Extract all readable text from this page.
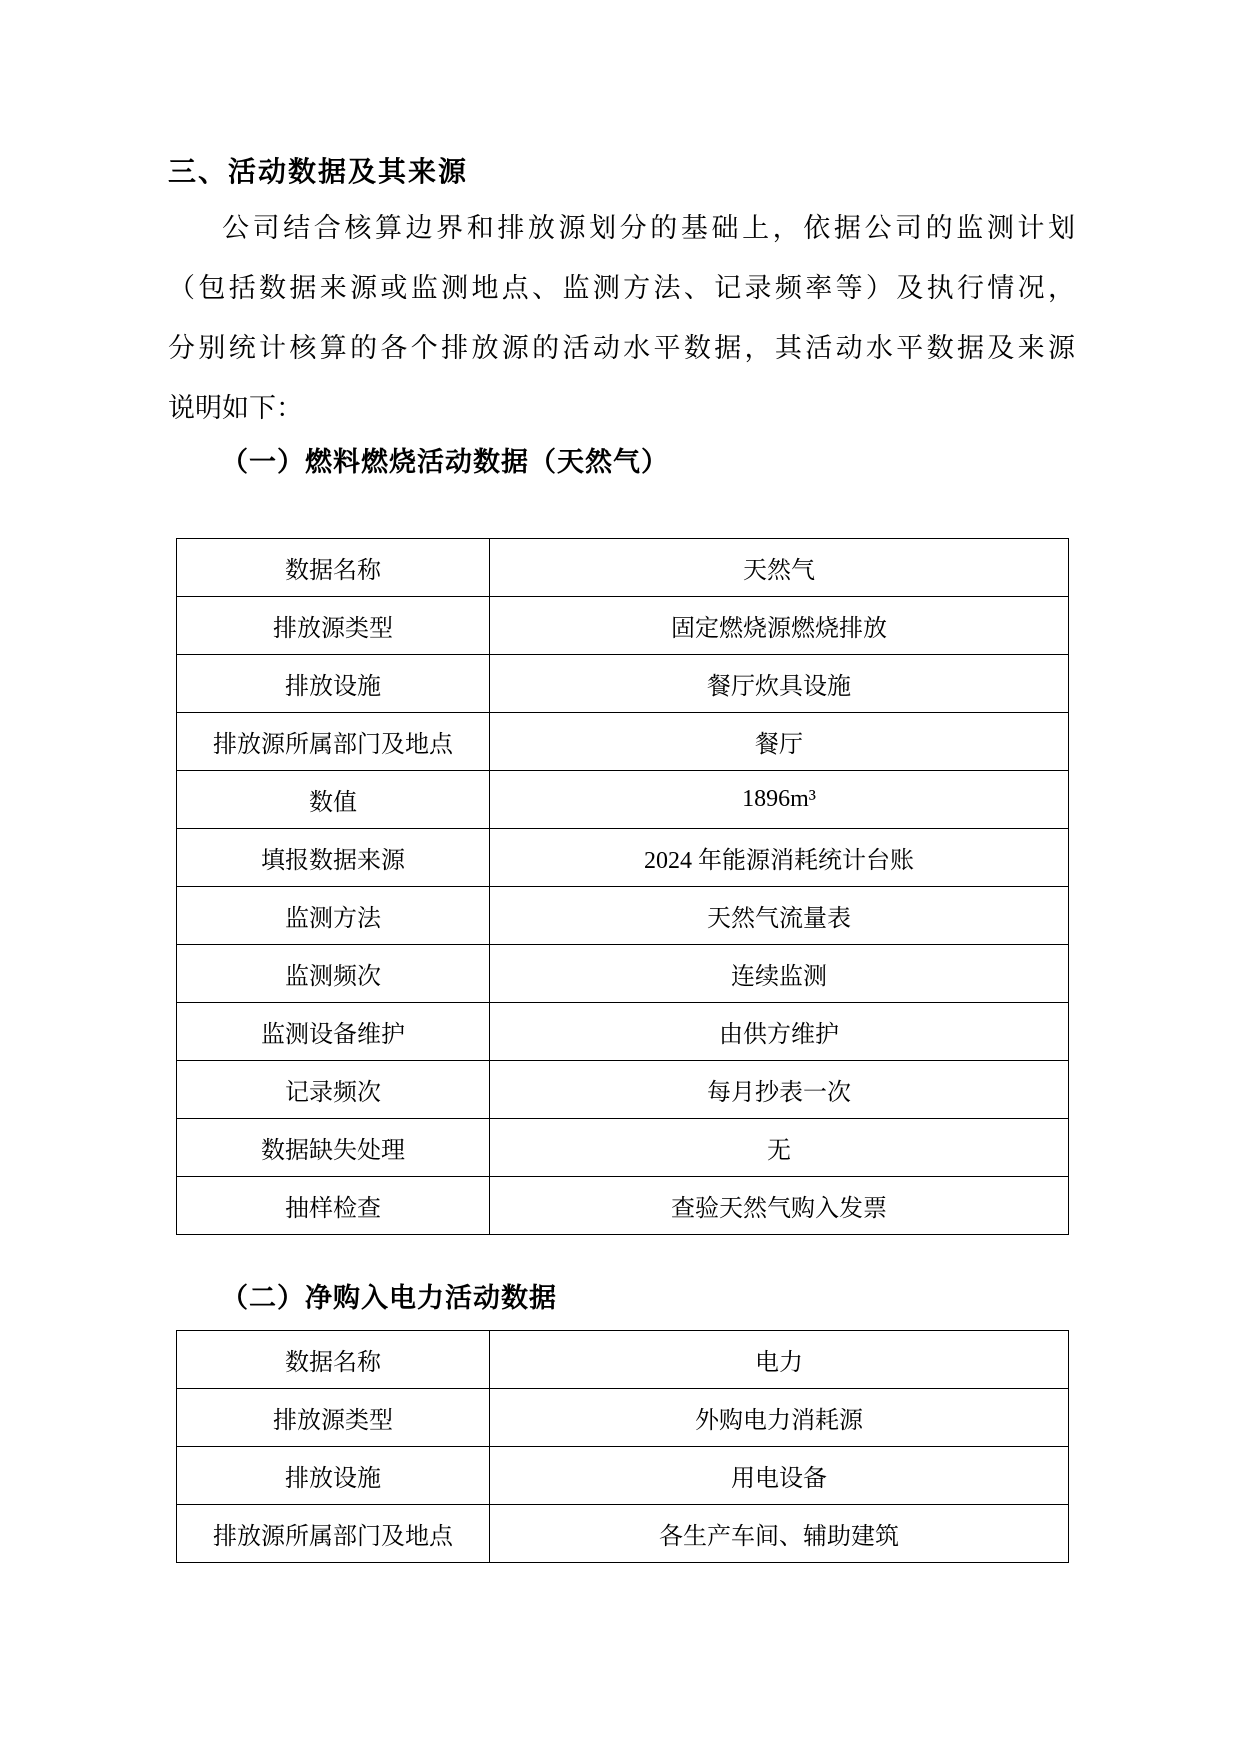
三、活动数据及其来源
公司结合核算边界和排放源划分的基础上，依据公司的监测计划
（包括数据来源或监测地点、监测方法、记录频率等）及执行情况，
分别统计核算的各个排放源的活动水平数据，其活动水平数据及来源
说明如下：
（一）燃料燃烧活动数据（天然气）
数据名称	天然气
排放源类型	固定燃烧源燃烧排放
排放设施	餐厅炊具设施
排放源所属部门及地点	餐厅
数值	1896m³
填报数据来源	2024 年能源消耗统计台账
监测方法	天然气流量表
监测频次	连续监测
监测设备维护	由供方维护
记录频次	每月抄表一次
数据缺失处理	无
抽样检查	查验天然气购入发票
（二）净购入电力活动数据
数据名称	电力
排放源类型	外购电力消耗源
排放设施	用电设备
排放源所属部门及地点	各生产车间、辅助建筑
